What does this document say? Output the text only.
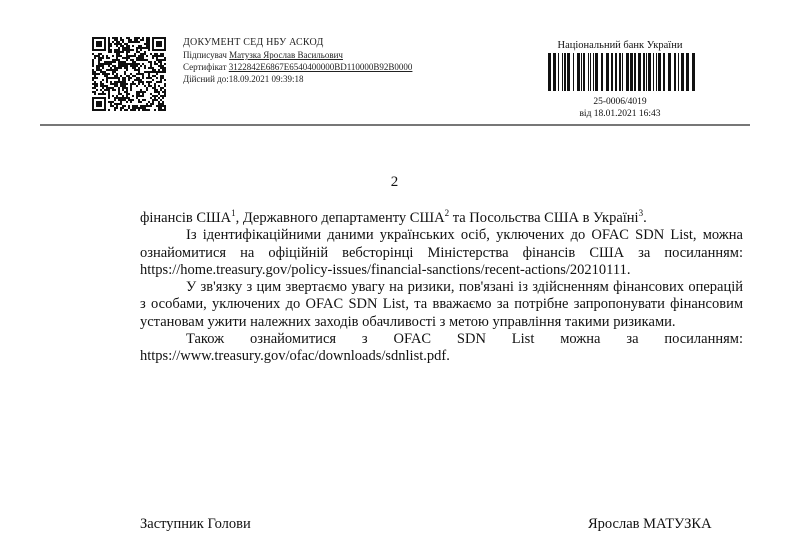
ДОКУМЕНТ СЕД НБУ АСКОД
Підписувач Матузка Ярослав Васильович
Сертифікат 3122842E6867E6540400000BD110000B92B0000
Дійсний до:18.09.2021 09:39:18
Національний банк України
25-0006/4019
від 18.01.2021 16:43
2

фінансів США$^1$, Державного департаменту США$^2$ та Посольства США в Україні$^3$.

Із ідентифікаційними даними українських осіб, уключених до OFAC SDN List, можна ознайомитися на офіційній вебсторінці Міністерства фінансів США за посиланням: https://home.treasury.gov/policy-issues/financial-sanctions/recent-actions/20210111.

У зв'язку з цим звертаємо увагу на ризики, пов'язані із здійсненням фінансових операцій з особами, уключених до OFAC SDN List, та вважаємо за потрібне запропонувати фінансовим установам ужити належних заходів обачливості з метою управління такими ризиками.

Також ознайомитися з OFAC SDN List можна за посиланням: https://www.treasury.gov/ofac/downloads/sdnlist.pdf.

Заступник Голови	Ярослав МАТУЗКА
